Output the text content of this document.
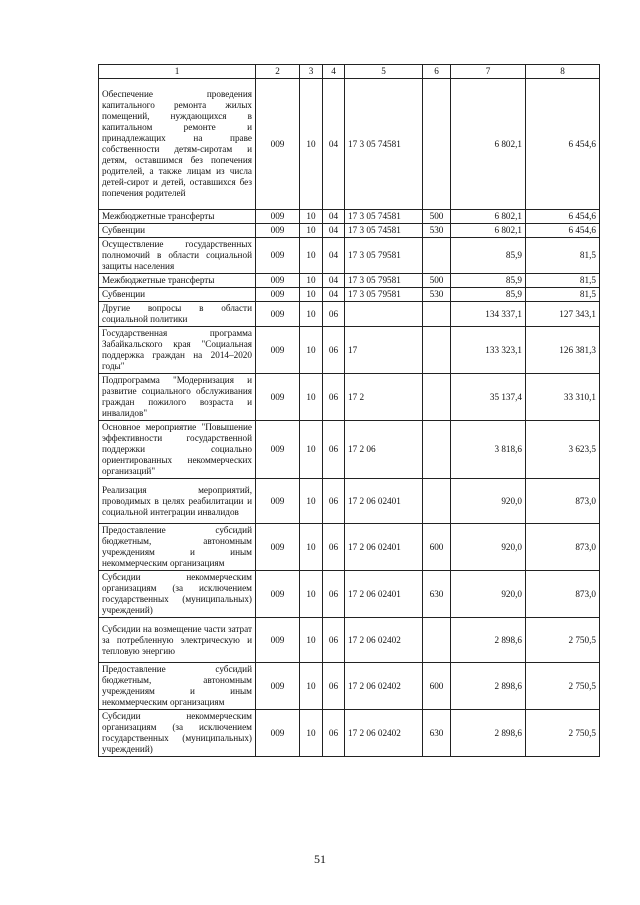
1	2	3	4	5	6	7	8
Обеспечение проведения капитального ремонта жилых помещений, нуждающихся в капитальном ремонте и принадлежащих на праве собственности детям-сиротам и детям, оставшимся без попечения родителей, а также лицам из числа детей-сирот и детей, оставшихся без попечения родителей	009	10	04	17 3 05 74581		6 802,1	6 454,6
Межбюджетные трансферты	009	10	04	17 3 05 74581	500	6 802,1	6 454,6
Субвенции	009	10	04	17 3 05 74581	530	6 802,1	6 454,6
Осуществление государственных полномочий в области социальной защиты населения	009	10	04	17 3 05 79581		85,9	81,5
Межбюджетные трансферты	009	10	04	17 3 05 79581	500	85,9	81,5
Субвенции	009	10	04	17 3 05 79581	530	85,9	81,5
Другие вопросы в области социальной политики	009	10	06			134 337,1	127 343,1
Государственная программа Забайкальского края "Социальная поддержка граждан на 2014–2020 годы"	009	10	06	17		133 323,1	126 381,3
Подпрограмма "Модернизация и развитие социального обслуживания граждан пожилого возраста и инвалидов"	009	10	06	17 2		35 137,4	33 310,1
Основное мероприятие "Повышение эффективности государственной поддержки социально ориентированных некоммерческих организаций"	009	10	06	17 2 06		3 818,6	3 623,5
Реализация мероприятий, проводимых в целях реабилитации и социальной интеграции инвалидов	009	10	06	17 2 06 02401		920,0	873,0
Предоставление субсидий бюджетным, автономным учреждениям и иным некоммерческим организациям	009	10	06	17 2 06 02401	600	920,0	873,0
Субсидии некоммерческим организациям (за исключением государственных (муниципальных) учреждений)	009	10	06	17 2 06 02401	630	920,0	873,0
Субсидии на возмещение части затрат за потребленную электрическую и тепловую энергию	009	10	06	17 2 06 02402		2 898,6	2 750,5
Предоставление субсидий бюджетным, автономным учреждениям и иным некоммерческим организациям	009	10	06	17 2 06 02402	600	2 898,6	2 750,5
Субсидии некоммерческим организациям (за исключением государственных (муниципальных) учреждений)	009	10	06	17 2 06 02402	630	2 898,6	2 750,5
51
